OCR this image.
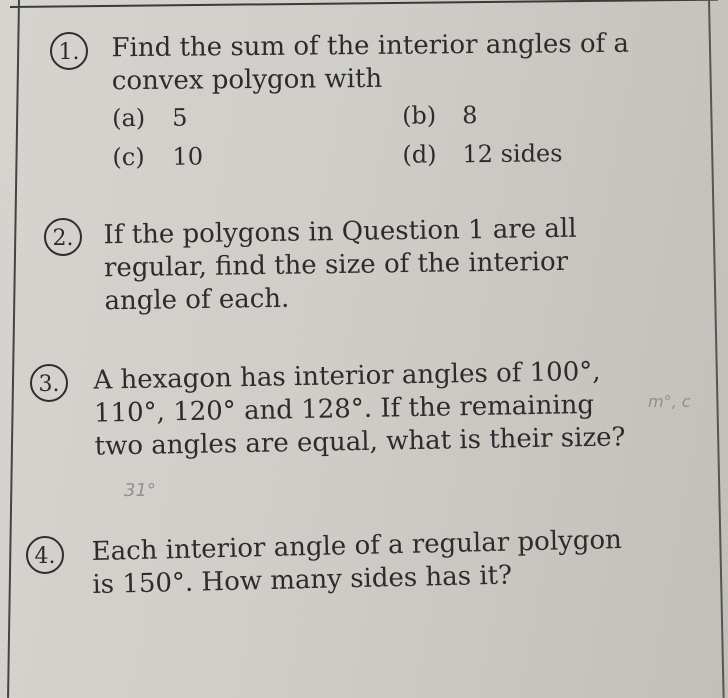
1.	Find the sum of the interior angles of a
convex polygon with
(a) 5	(b) 8
(c) 10	(d) 12 sides
2.	If the polygons in Question 1 are all
regular, find the size of the interior
angle of each.
3.	A hexagon has interior angles of 100°,
110°, 120° and 128°. If the remaining
two angles are equal, what is their size?
m°, c
31°
4.	Each interior angle of a regular polygon
is 150°. How many sides has it?
